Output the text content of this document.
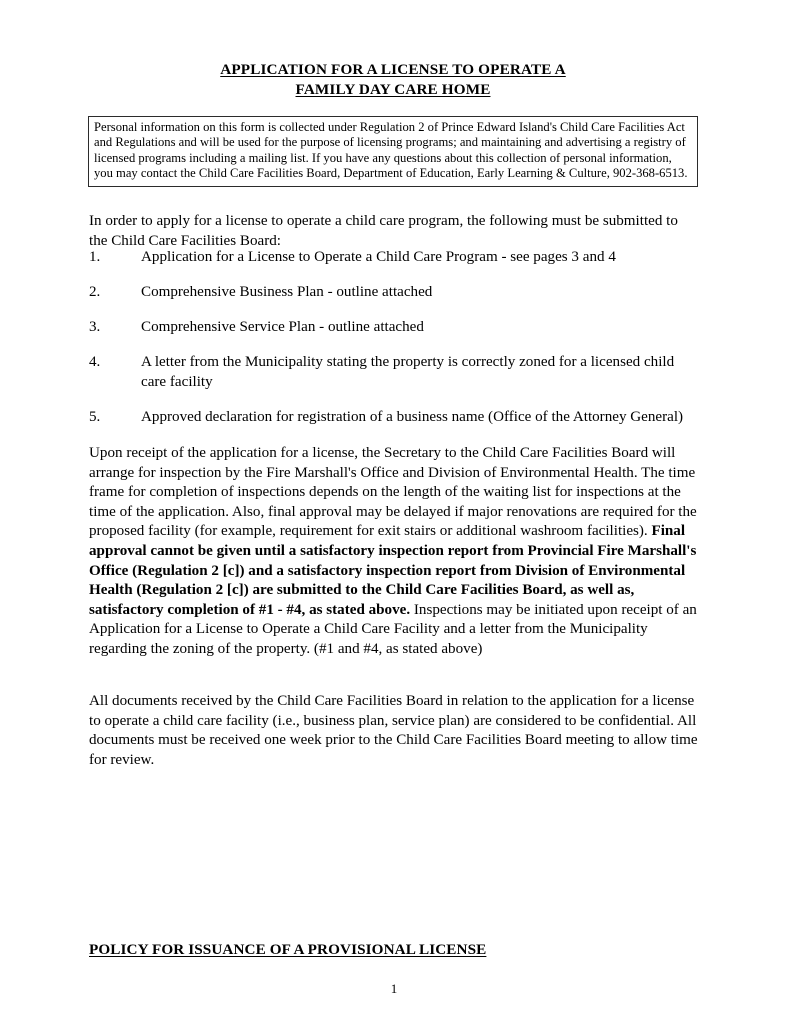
APPLICATION FOR A LICENSE TO OPERATE A
FAMILY DAY CARE HOME

Personal information on this form is collected under Regulation 2 of Prince Edward Island's Child Care Facilities Act and Regulations and will be used for the purpose of licensing programs; and maintaining and advertising a registry of licensed programs including a mailing list. If you have any questions about this collection of personal information, you may contact the Child Care Facilities Board, Department of Education, Early Learning & Culture, 902-368-6513.

In order to apply for a license to operate a child care program, the following must be submitted to the Child Care Facilities Board:

1.	Application for a License to Operate a Child Care Program - see pages 3 and 4
2.	Comprehensive Business Plan - outline attached
3.	Comprehensive Service Plan - outline attached
4.	A letter from the Municipality stating the property is correctly zoned for a licensed child care facility
5.	Approved declaration for registration of a business name (Office of the Attorney General)

Upon receipt of the application for a license, the Secretary to the Child Care Facilities Board will arrange for inspection by the Fire Marshall's Office and Division of Environmental Health. The time frame for completion of inspections depends on the length of the waiting list for inspections at the time of the application. Also, final approval may be delayed if major renovations are required for the proposed facility (for example, requirement for exit stairs or additional washroom facilities). Final approval cannot be given until a satisfactory inspection report from Provincial Fire Marshall's Office (Regulation 2 [c]) and a satisfactory inspection report from Division of Environmental Health (Regulation 2 [c]) are submitted to the Child Care Facilities Board, as well as, satisfactory completion of #1 - #4, as stated above. Inspections may be initiated upon receipt of an Application for a License to Operate a Child Care Facility and a letter from the Municipality regarding the zoning of the property. (#1 and #4, as stated above)

All documents received by the Child Care Facilities Board in relation to the application for a license to operate a child care facility (i.e., business plan, service plan) are considered to be confidential. All documents must be received one week prior to the Child Care Facilities Board meeting to allow time for review.

POLICY FOR ISSUANCE OF A PROVISIONAL LICENSE
1
